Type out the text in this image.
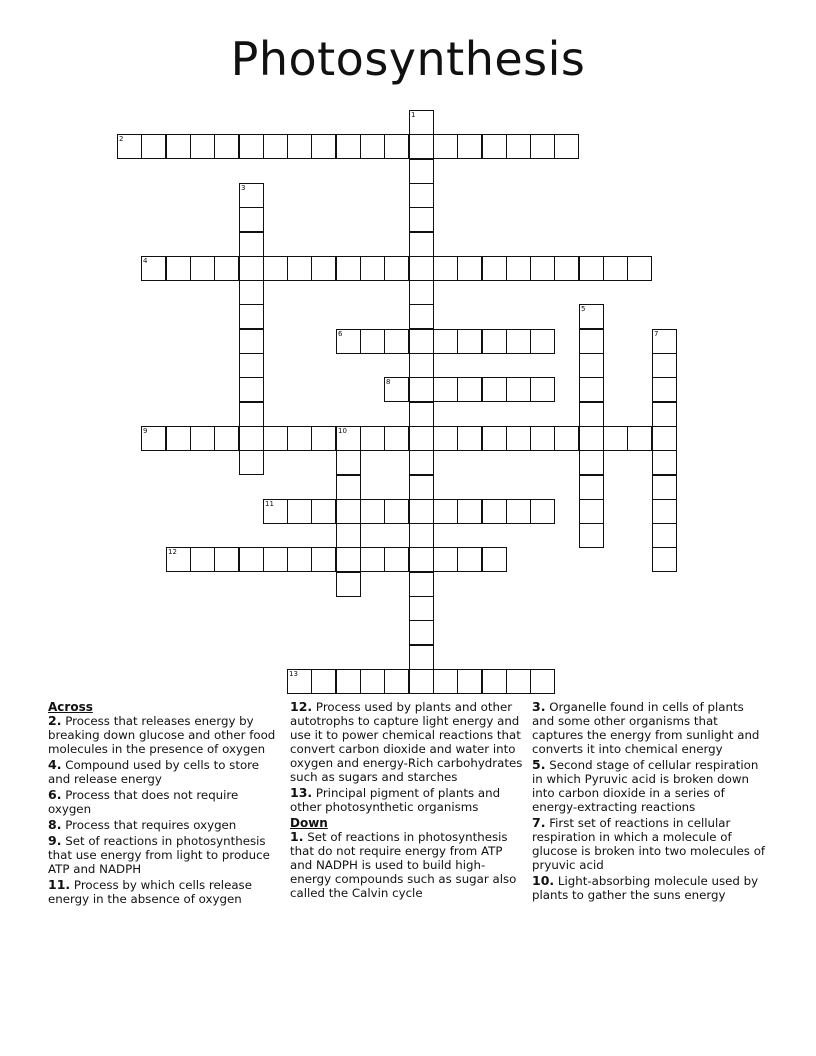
Photosynthesis
1
2
3
4
5
6	7
8
9	10
11
12
13
Across
2. Process that releases energy by breaking down glucose and other food molecules in the presence of oxygen
4. Compound used by cells to store and release energy
6. Process that does not require oxygen
8. Process that requires oxygen
9. Set of reactions in photosynthesis that use energy from light to produce ATP and NADPH
11. Process by which cells release energy in the absence of oxygen
12. Process used by plants and other autotrophs to capture light energy and use it to power chemical reactions that convert carbon dioxide and water into oxygen and energy-Rich carbohydrates such as sugars and starches
13. Principal pigment of plants and other photosynthetic organisms
Down
1. Set of reactions in photosynthesis that do not require energy from ATP and NADPH is used to build high-energy compounds such as sugar also called the Calvin cycle
3. Organelle found in cells of plants and some other organisms that captures the energy from sunlight and converts it into chemical energy
5. Second stage of cellular respiration in which Pyruvic acid is broken down into carbon dioxide in a series of energy-extracting reactions
7. First set of reactions in cellular respiration in which a molecule of glucose is broken into two molecules of pryuvic acid
10. Light-absorbing molecule used by plants to gather the suns energy
